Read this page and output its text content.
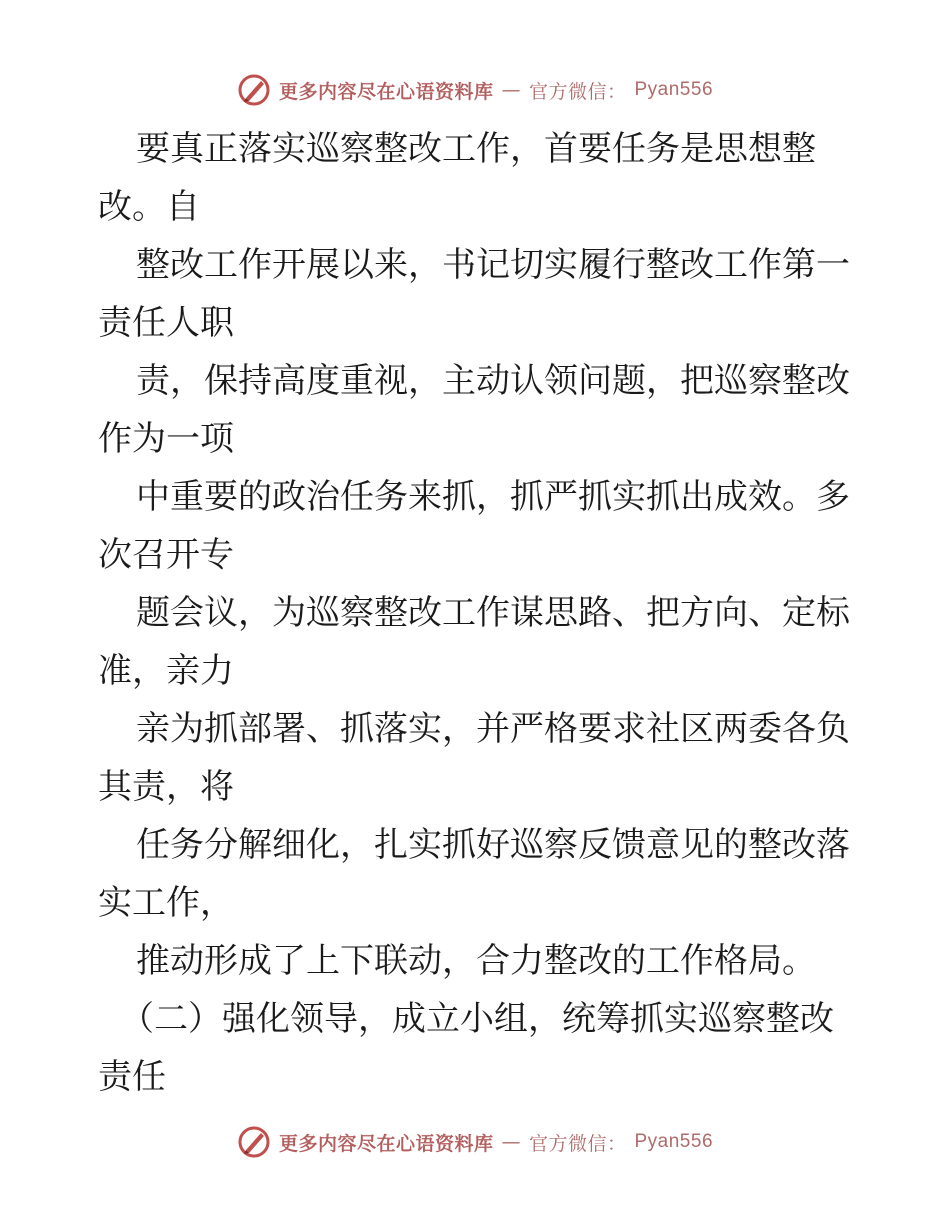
更多内容尽在心语资料库 — 官方微信： Pyan556
要真正落实巡察整改工作，首要任务是思想整
改。自
整改工作开展以来，书记切实履行整改工作第一
责任人职
责，保持高度重视，主动认领问题，把巡察整改
作为一项
中重要的政治任务来抓，抓严抓实抓出成效。多
次召开专
题会议，为巡察整改工作谋思路、把方向、定标
准，亲力
亲为抓部署、抓落实，并严格要求社区两委各负
其责，将
任务分解细化，扎实抓好巡察反馈意见的整改落
实工作，
推动形成了上下联动，合力整改的工作格局。
（二）强化领导，成立小组，统筹抓实巡察整改
责任
更多内容尽在心语资料库 — 官方微信： Pyan556
